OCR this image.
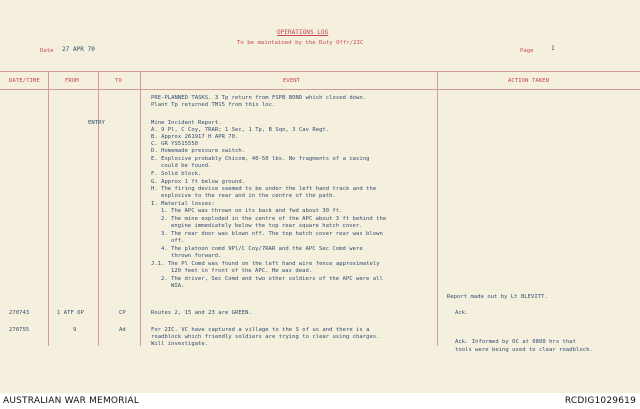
OPERATIONS LOG
To be maintained by the Duty Offr/2IC
Date 27 APR 70	Page	1
DATE/TIME	FROM	TO	EVENT	ACTION TAKEN
PRE-PLANNED TASKS. 3 Tp return from FSPB BOND which closed down.
Plant Tp returned TM15 from this loc.
ENTRY	Mine Incident Report.
A. 9 Pl, C Coy, 7RAR; 1 Sec, 1 Tp, B Sqn, 3 Cav Regt.
B. Approx 261917 H APR 70.
C. GR YS515550
D. Homemade pressure switch.
E. Explosive probably Chicom, 40-50 lbs. No fragments of a casing
could be found.
F. Solid block.
G. Approx 1 ft below ground.
H. The firing device seemed to be under the left hand track and the
explosive to the rear and in the centre of the path.
I. Material losses:
1. The APC was thrown on its back and fwd about 30 ft.
2. The mine exploded in the centre of the APC about 3 ft behind the
engine immediately below the top rear square hatch cover.
3. The rear door was blown off. The top hatch cover rear was blown
off.
4. The platoon comd 9Pl/C Coy/7RAR and the APC Sec Comd were
thrown forward.
J.1. The Pl Comd was found on the left hand wire fence approximately
120 feet in front of the APC. He was dead.
2. The driver, Sec Comd and two other soldiers of the APC were all
WIA.
Report made out by Lt BLEVITT.
270743	1 ATF OP	CP	Routes 2, 15 and 23 are GREEN.	Ack.
270755	9	Ad	For 2IC. VC have captured a village to the S of us and there is a
roadblock which friendly soldiers are trying to clear using charges.
Will investigate.	Ack. Informed by OC at 0800 hrs that
tools were being used to clear roadblock.
AUSTRALIAN WAR MEMORIAL	RCDIG1029619
